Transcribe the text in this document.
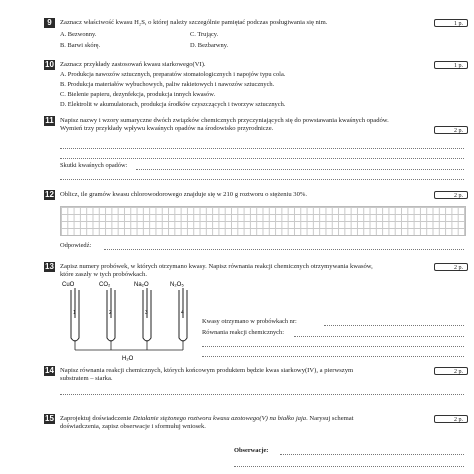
9	Zaznacz właściwość kwasu H₂S, o której należy szczególnie pamiętać podczas posługiwania się nim.	1 p.
A. Bezwonny.
B. Barwi skórę.
C. Trujący.
D. Bezbarwny.
10 Zaznacz przykłady zastosowań kwasu siarkowego(VI).	1 p.
A. Produkcja nawozów sztucznych, preparatów stomatologicznych i napojów typu cola.
B. Produkcja materiałów wybuchowych, paliw rakietowych i nawozów sztucznych.
C. Bielenie papieru, dezynfekcja, produkcja innych kwasów.
D. Elektrolit w akumulatorach, produkcja środków czyszczących i tworzyw sztucznych.
11 Napisz nazwy i wzory sumaryczne dwóch związków chemicznych przyczyniających się do powstawania kwaśnych opadów. Wymień trzy przykłady wpływu kwaśnych opadów na środowisko przyrodnicze.	2 p.
Skutki kwaśnych opadów:
12 Oblicz, ile gramów kwasu chlorowodorowego znajduje się w 210 g roztworu o stężeniu 30%.	2 p.
Odpowiedź:
13 Zapisz numery probówek, w których otrzymano kwasy. Napisz równania reakcji chemicznych otrzymywania kwasów, które zaszły w tych probówkach.
2 p.
CuO
1
CO₂
2
Na₂O
3
N₂O₅
4
H₂O
Kwasy otrzymano w probówkach nr:
Równania reakcji chemicznych:
14 Napisz równania reakcji chemicznych, których końcowym produktem będzie kwas siarkowy(IV), a pierwszym substratem – siarka.
2 p.
15 Zaprojektuj doświadczenie Działanie stężonego roztworu kwasu azotowego(V) na białko jaja. Narysuj schemat doświadczenia, zapisz obserwacje i sformułuj wniosek.
2 p.
Obserwacje:
